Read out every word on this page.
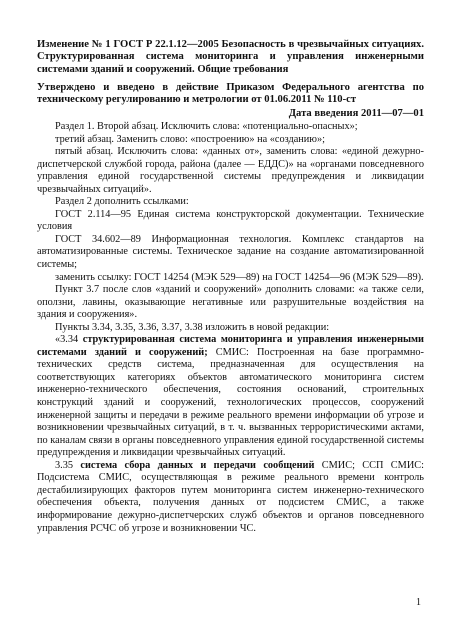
Изменение № 1 ГОСТ Р 22.1.12—2005 Безопасность в чрезвычайных ситуациях. Структурированная система мониторинга и управления инженерными системами зданий и сооружений. Общие требования

Утверждено и введено в действие Приказом Федерального агентства по техническому регулированию и метрологии от 01.06.2011 № 110-ст

Дата введения 2011—07—01

Раздел 1. Второй абзац. Исключить слова: «потенциально-опасных»;

третий абзац. Заменить слово: «построению» на «созданию»;

пятый абзац. Исключить слова: «данных от», заменить слова: «единой дежурно-диспетчерской службой города, района (далее — ЕДДС)» на «органами повседневного управления единой государственной системы предупреждения и ликвидации чрезвычайных ситуаций».

Раздел 2 дополнить ссылками:

ГОСТ 2.114—95 Единая система конструкторской документации. Технические условия

ГОСТ 34.602—89 Информационная технология. Комплекс стандартов на автоматизированные системы. Техническое задание на создание автоматизированной системы;

заменить ссылку: ГОСТ 14254 (МЭК 529—89) на ГОСТ 14254—96 (МЭК 529—89).

Пункт 3.7 после слов «зданий и сооружений» дополнить словами: «а также сели, оползни, лавины, оказывающие негативные или разрушительные воздействия на здания и сооружения».

Пункты 3.34, 3.35, 3.36, 3.37, 3.38 изложить в новой редакции:

«3.34 структурированная система мониторинга и управления инженерными системами зданий и сооружений; СМИС: Построенная на базе программно-технических средств система, предназначенная для осуществления на соответствующих категориях объектов автоматического мониторинга систем инженерно-технического обеспечения, состояния оснований, строительных конструкций зданий и сооружений, технологических процессов, сооружений инженерной защиты и передачи в режиме реального времени информации об угрозе и возникновении чрезвычайных ситуаций, в т. ч. вызванных террористическими актами, по каналам связи в органы повседневного управления единой государственной системы предупреждения и ликвидации чрезвычайных ситуаций.

3.35 система сбора данных и передачи сообщений СМИС; ССП СМИС: Подсистема СМИС, осуществляющая в режиме реального времени контроль дестабилизирующих факторов путем мониторинга систем инженерно-технического обеспечения объекта, получения данных от подсистем СМИС, а также информирование дежурно-диспетчерских служб объектов и органов повседневного управления РСЧС об угрозе и возникновении ЧС.

1
